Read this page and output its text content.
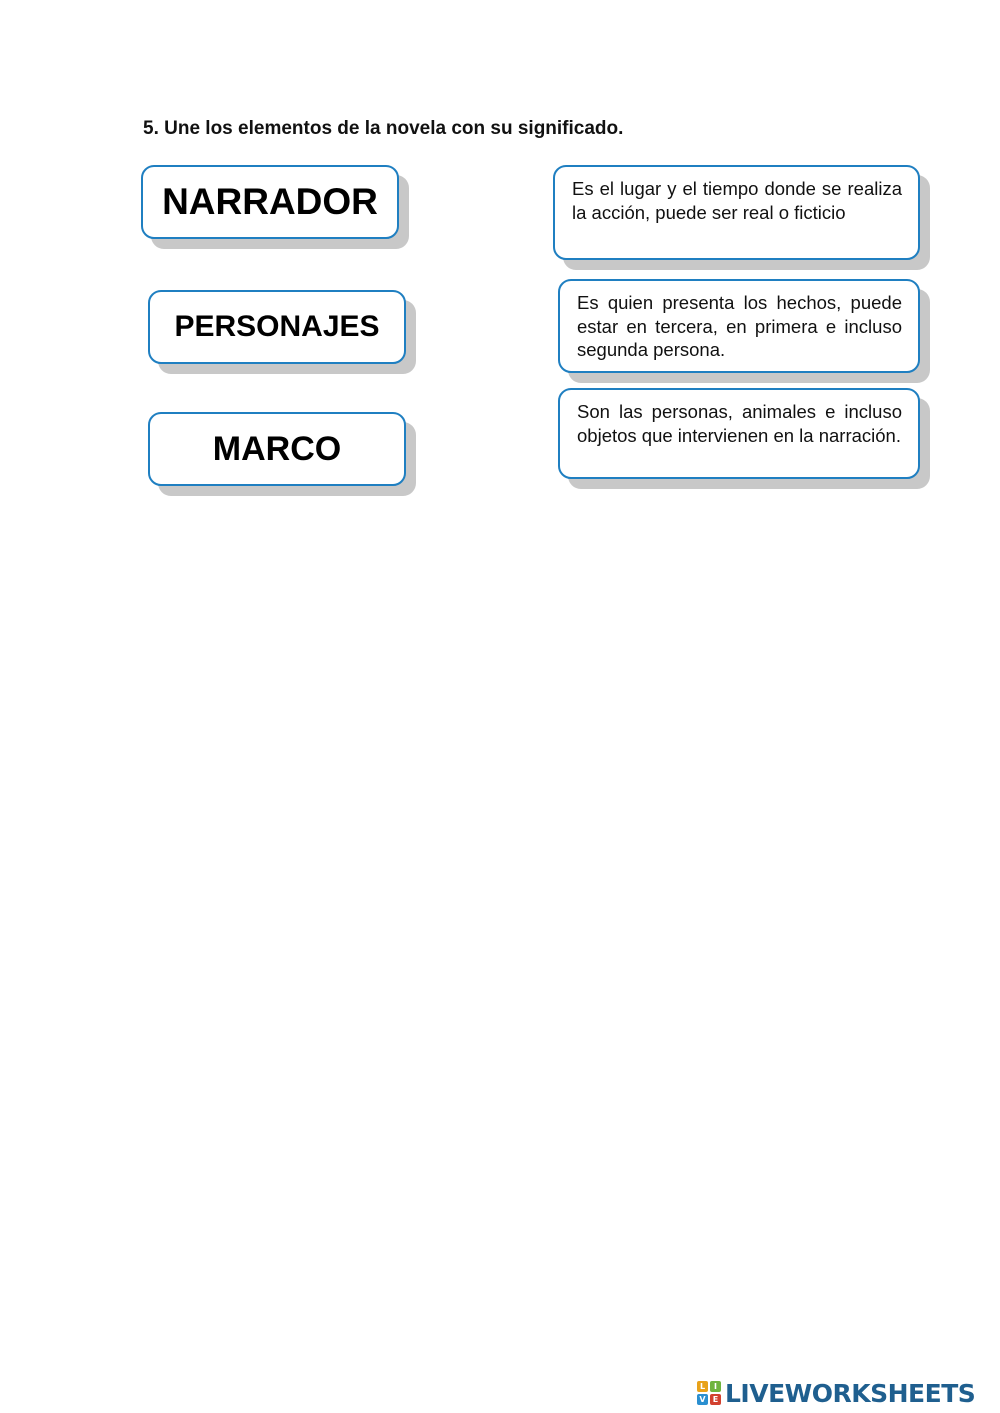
5. Une los elementos de la novela con su significado.
NARRADOR
PERSONAJES
MARCO
Es el lugar y el tiempo donde se realiza la acción, puede ser real o ficticio
Es quien presenta los hechos, puede estar en tercera, en primera e incluso segunda persona.
Son las personas, animales e incluso objetos que intervienen en la narración.
L	I
V E LIVEWORKSHEETS
